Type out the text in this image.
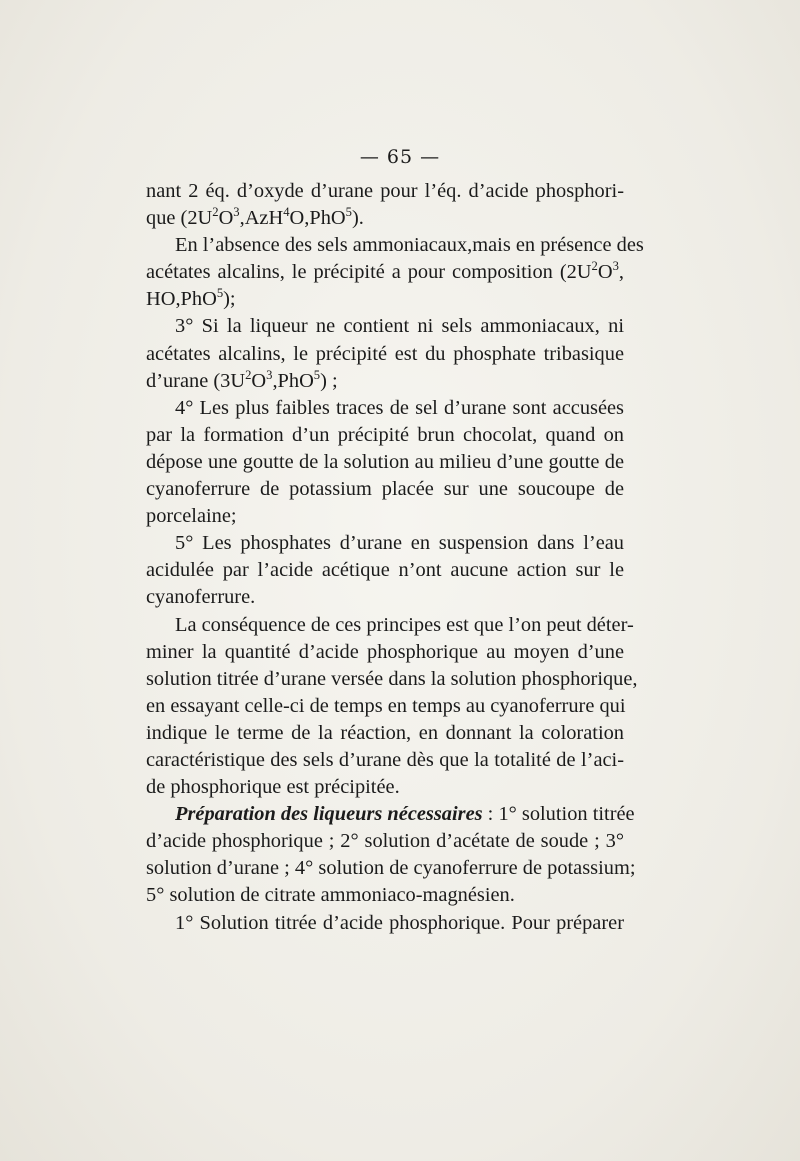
— 65 —
nant 2 éq. d’oxyde d’urane pour l’éq. d’acide phosphori-
que $(2U^2O^3,AzH^4O,PhO^5)$.
En l’absence des sels ammoniacaux,mais en présence des
acétates alcalins, le précipité a pour composition ($2U^2O^3$,
HO,PhO$^5$);
3° Si la liqueur ne contient ni sels ammoniacaux, ni
acétates alcalins, le précipité est du phosphate tribasique
d’urane $(3U^2O^3,PhO^5)$ ;
4° Les plus faibles traces de sel d’urane sont accusées
par la formation d’un précipité brun chocolat, quand on
dépose une goutte de la solution au milieu d’une goutte de
cyanoferrure de potassium placée sur une soucoupe de
porcelaine;
5° Les phosphates d’urane en suspension dans l’eau
acidulée par l’acide acétique n’ont aucune action sur le
cyanoferrure.
La conséquence de ces principes est que l’on peut déter-
miner la quantité d’acide phosphorique au moyen d’une
solution titrée d’urane versée dans la solution phosphorique,
en essayant celle-ci de temps en temps au cyanoferrure qui
indique le terme de la réaction, en donnant la coloration
caractéristique des sels d’urane dès que la totalité de l’aci-
de phosphorique est précipitée.
Préparation des liqueurs nécessaires : 1° solution titrée
d’acide phosphorique ; 2° solution d’acétate de soude ; 3°
solution d’urane ; 4° solution de cyanoferrure de potassium;
5° solution de citrate ammoniaco-magnésien.
1° Solution titrée d’acide phosphorique. Pour préparer
